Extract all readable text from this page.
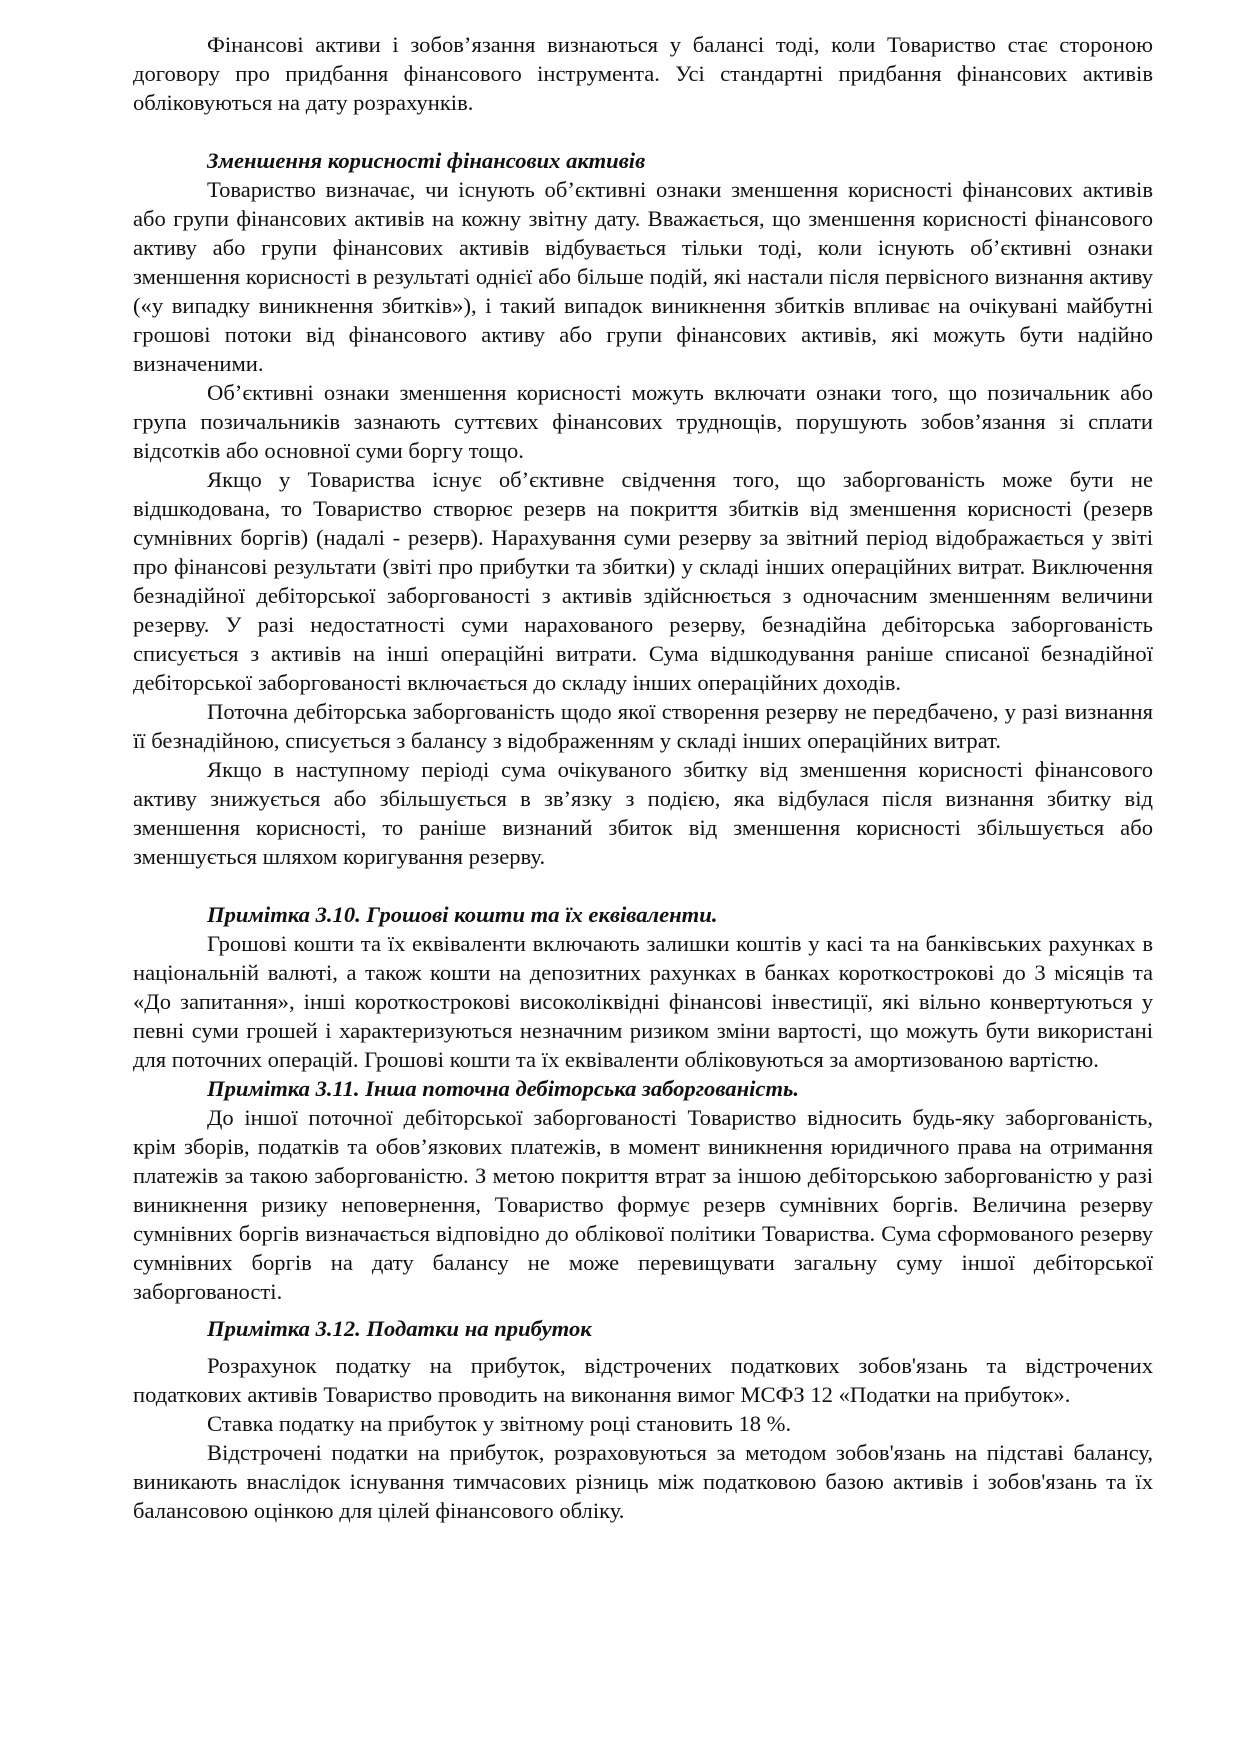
Фінансові активи і зобов’язання визнаються у балансі тоді, коли Товариство стає стороною договору про придбання фінансового інструмента. Усі стандартні придбання фінансових активів обліковуються на дату розрахунків.

Зменшення корисності фінансових активів

Товариство визначає, чи існують об’єктивні ознаки зменшення корисності фінансових активів або групи фінансових активів на кожну звітну дату. Вважається, що зменшення корисності фінансового активу або групи фінансових активів відбувається тільки тоді, коли існують об’єктивні ознаки зменшення корисності в результаті однієї або більше подій, які настали після первісного визнання активу («у випадку виникнення збитків»), і такий випадок виникнення збитків впливає на очікувані майбутні грошові потоки від фінансового активу або групи фінансових активів, які можуть бути надійно визначеними.

Об’єктивні ознаки зменшення корисності можуть включати ознаки того, що позичальник або група позичальників зазнають суттєвих фінансових труднощів, порушують зобов’язання зі сплати відсотків або основної суми боргу тощо.

Якщо у Товариства існує об’єктивне свідчення того, що заборгованість може бути не відшкодована, то Товариство створює резерв на покриття збитків від зменшення корисності (резерв сумнівних боргів) (надалі - резерв). Нарахування суми резерву за звітний період відображається у звіті про фінансові результати (звіті про прибутки та збитки) у складі інших операційних витрат. Виключення безнадійної дебіторської заборгованості з активів здійснюється з одночасним зменшенням величини резерву. У разі недостатності суми нарахованого резерву, безнадійна дебіторська заборгованість списується з активів на інші операційні витрати. Сума відшкодування раніше списаної безнадійної дебіторської заборгованості включається до складу інших операційних доходів.

Поточна дебіторська заборгованість щодо якої створення резерву не передбачено, у разі визнання її безнадійною, списується з балансу з відображенням у складі інших операційних витрат.

Якщо в наступному періоді сума очікуваного збитку від зменшення корисності фінансового активу знижується або збільшується в зв’язку з подією, яка відбулася після визнання збитку від зменшення корисності, то раніше визнаний збиток від зменшення корисності збільшується або зменшується шляхом коригування резерву.

Примітка 3.10. Грошові кошти та їх еквіваленти.

Грошові кошти та їх еквіваленти включають залишки коштів у касі та на банківських рахунках в національній валюті, а також кошти на депозитних рахунках в банках короткострокові до 3 місяців та «До запитання», інші короткострокові високоліквідні фінансові інвестиції, які вільно конвертуються у певні суми грошей і характеризуються незначним ризиком зміни вартості, що можуть бути використані для поточних операцій. Грошові кошти та їх еквіваленти обліковуються за амортизованою вартістю.

Примітка 3.11. Інша поточна дебіторська заборгованість.

До іншої поточної дебіторської заборгованості Товариство відносить будь-яку заборгованість, крім зборів, податків та обов’язкових платежів, в момент виникнення юридичного права на отримання платежів за такою заборгованістю. З метою покриття втрат за іншою дебіторською заборгованістю у разі виникнення ризику неповернення, Товариство формує резерв сумнівних боргів. Величина резерву сумнівних боргів визначається відповідно до облікової політики Товариства. Сума сформованого резерву сумнівних боргів на дату балансу не може перевищувати загальну суму іншої дебіторської заборгованості.

Примітка 3.12. Податки на прибуток

Розрахунок податку на прибуток, відстрочених податкових зобов'язань та відстрочених податкових активів Товариство проводить на виконання вимог МСФЗ 12 «Податки на прибуток».

Ставка податку на прибуток у звітному році становить 18 %.

Відстрочені податки на прибуток, розраховуються за методом зобов'язань на підставі балансу, виникають внаслідок існування тимчасових різниць між податковою базою активів і зобов'язань та їх балансовою оцінкою для цілей фінансового обліку.
